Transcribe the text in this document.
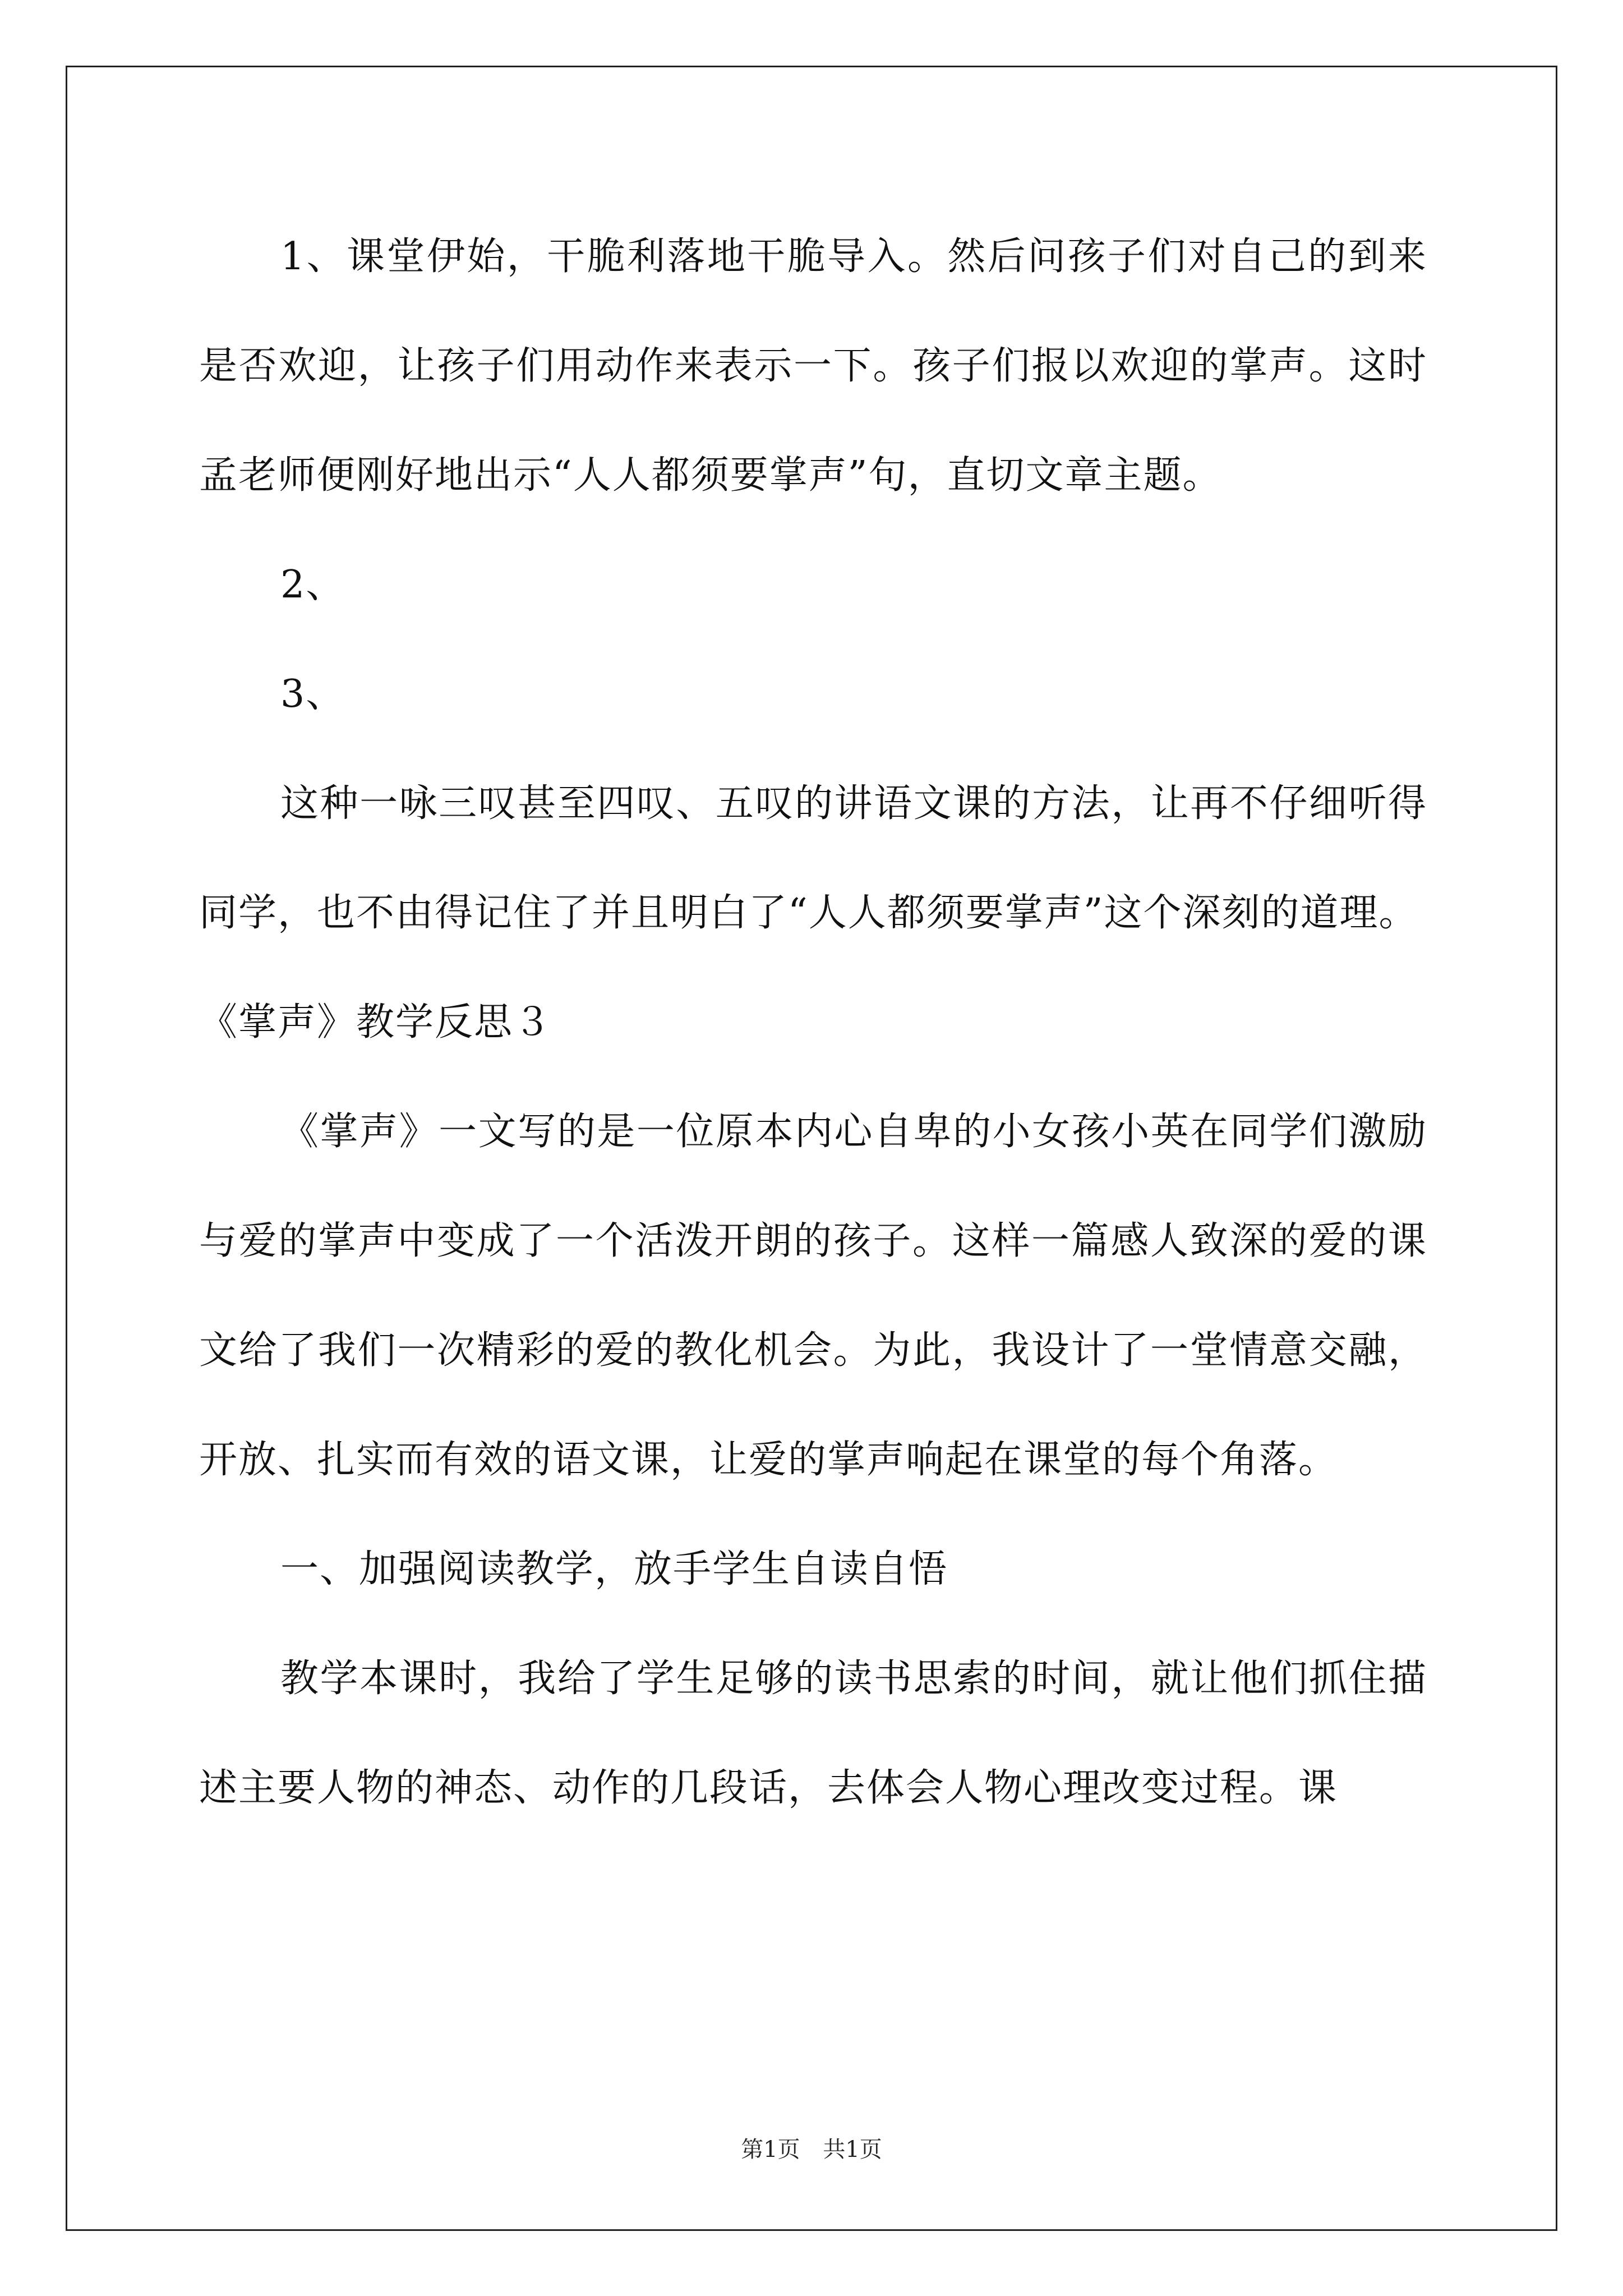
1、课堂伊始，干脆利落地干脆导入。然后问孩子们对自己的到来是否欢迎，让孩子们用动作来表示一下。孩子们报以欢迎的掌声。这时孟老师便刚好地出示“人人都须要掌声”句，直切文章主题。

2、

3、

这种一咏三叹甚至四叹、五叹的讲语文课的方法，让再不仔细听得同学，也不由得记住了并且明白了“人人都须要掌声”这个深刻的道理。

《掌声》教学反思３

《掌声》一文写的是一位原本内心自卑的小女孩小英在同学们激励与爱的掌声中变成了一个活泼开朗的孩子。这样一篇感人致深的爱的课文给了我们一次精彩的爱的教化机会。为此，我设计了一堂情意交融，开放、扎实而有效的语文课，让爱的掌声响起在课堂的每个角落。

一、加强阅读教学，放手学生自读自悟

教学本课时，我给了学生足够的读书思索的时间，就让他们抓住描述主要人物的神态、动作的几段话，去体会人物心理改变过程。课

第1页 共1页
